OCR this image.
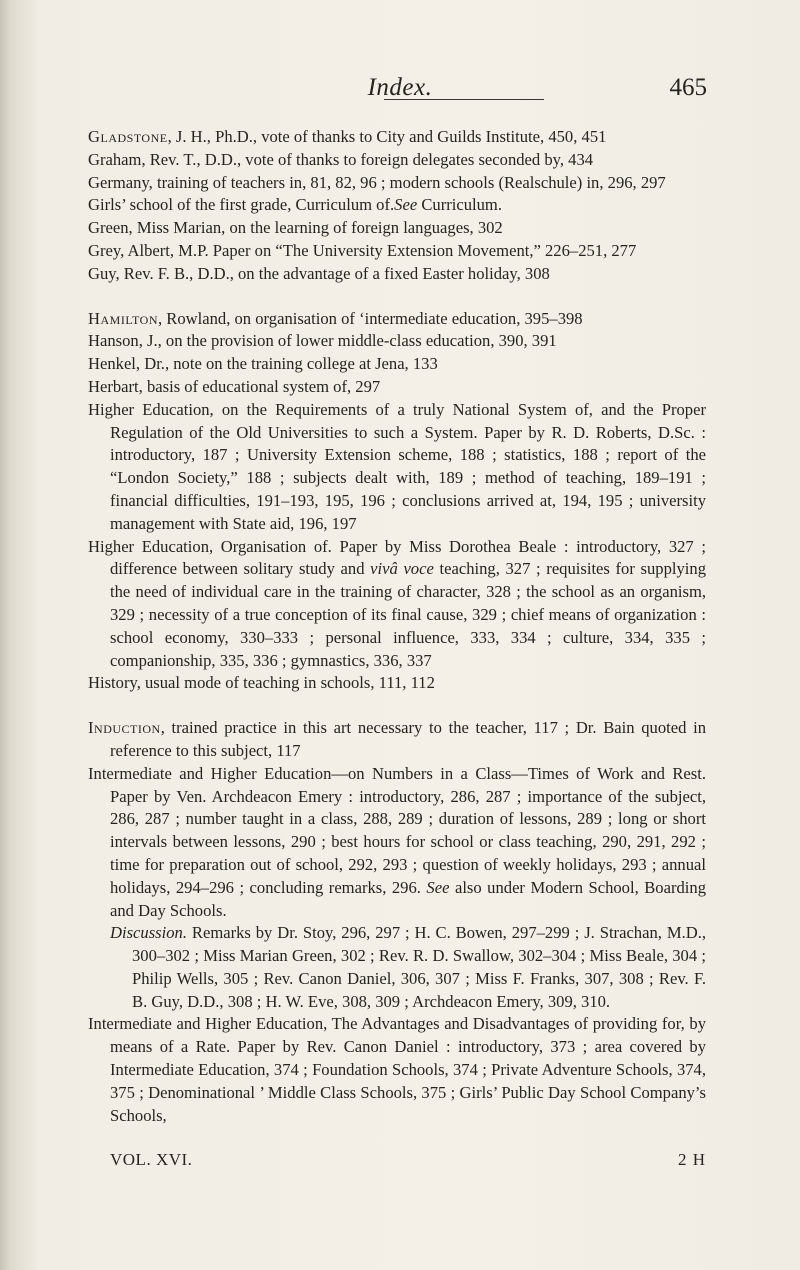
Index.	465

Gladstone, J. H., Ph.D., vote of thanks to City and Guilds Institute, 450, 451

Graham, Rev. T., D.D., vote of thanks to foreign delegates seconded by, 434

Germany, training of teachers in, 81, 82, 96 ; modern schools (Realschule) in, 296, 297

Girls’ school of the first grade, Curriculum of.See Curriculum.

Green, Miss Marian, on the learning of foreign languages, 302

Grey, Albert, M.P. Paper on “The University Extension Movement,” 226–251, 277

Guy, Rev. F. B., D.D., on the advantage of a fixed Easter holiday, 308

Hamilton, Rowland, on organisation of ‘intermediate education, 395–398

Hanson, J., on the provision of lower middle-class education, 390, 391

Henkel, Dr., note on the training college at Jena, 133

Herbart, basis of educational system of, 297

Higher Education, on the Requirements of a truly National System of, and the Proper Regulation of the Old Universities to such a System. Paper by R. D. Roberts, D.Sc. : introductory, 187 ; University Extension scheme, 188 ; statistics, 188 ; report of the “London Society,” 188 ; subjects dealt with, 189 ; method of teaching, 189–191 ; financial difficulties, 191–193, 195, 196 ; conclusions arrived at, 194, 195 ; university management with State aid, 196, 197

Higher Education, Organisation of. Paper by Miss Dorothea Beale : introductory, 327 ; difference between solitary study and vivâ voce teaching, 327 ; requisites for supplying the need of individual care in the training of character, 328 ; the school as an organism, 329 ; necessity of a true conception of its final cause, 329 ; chief means of organization : school economy, 330–333 ; personal influence, 333, 334 ; culture, 334, 335 ; companionship, 335, 336 ; gymnastics, 336, 337

History, usual mode of teaching in schools, 111, 112

Induction, trained practice in this art necessary to the teacher, 117 ; Dr. Bain quoted in reference to this subject, 117

Intermediate and Higher Education—on Numbers in a Class—Times of Work and Rest. Paper by Ven. Archdeacon Emery : introductory, 286, 287 ; importance of the subject, 286, 287 ; number taught in a class, 288, 289 ; duration of lessons, 289 ; long or short intervals between lessons, 290 ; best hours for school or class teaching, 290, 291, 292 ; time for preparation out of school, 292, 293 ; question of weekly holidays, 293 ; annual holidays, 294–296 ; concluding remarks, 296. See also under Modern School, Boarding and Day Schools.

Discussion. Remarks by Dr. Stoy, 296, 297 ; H. C. Bowen, 297–299 ; J. Strachan, M.D., 300–302 ; Miss Marian Green, 302 ; Rev. R. D. Swallow, 302–304 ; Miss Beale, 304 ; Philip Wells, 305 ; Rev. Canon Daniel, 306, 307 ; Miss F. Franks, 307, 308 ; Rev. F. B. Guy, D.D., 308 ; H. W. Eve, 308, 309 ; Archdeacon Emery, 309, 310.

Intermediate and Higher Education, The Advantages and Disadvantages of providing for, by means of a Rate. Paper by Rev. Canon Daniel : introductory, 373 ; area covered by Intermediate Education, 374 ; Foundation Schools, 374 ; Private Adventure Schools, 374, 375 ; Denominational ’ Middle Class Schools, 375 ; Girls’ Public Day School Company’s Schools,

VOL. XVI.	2 H
